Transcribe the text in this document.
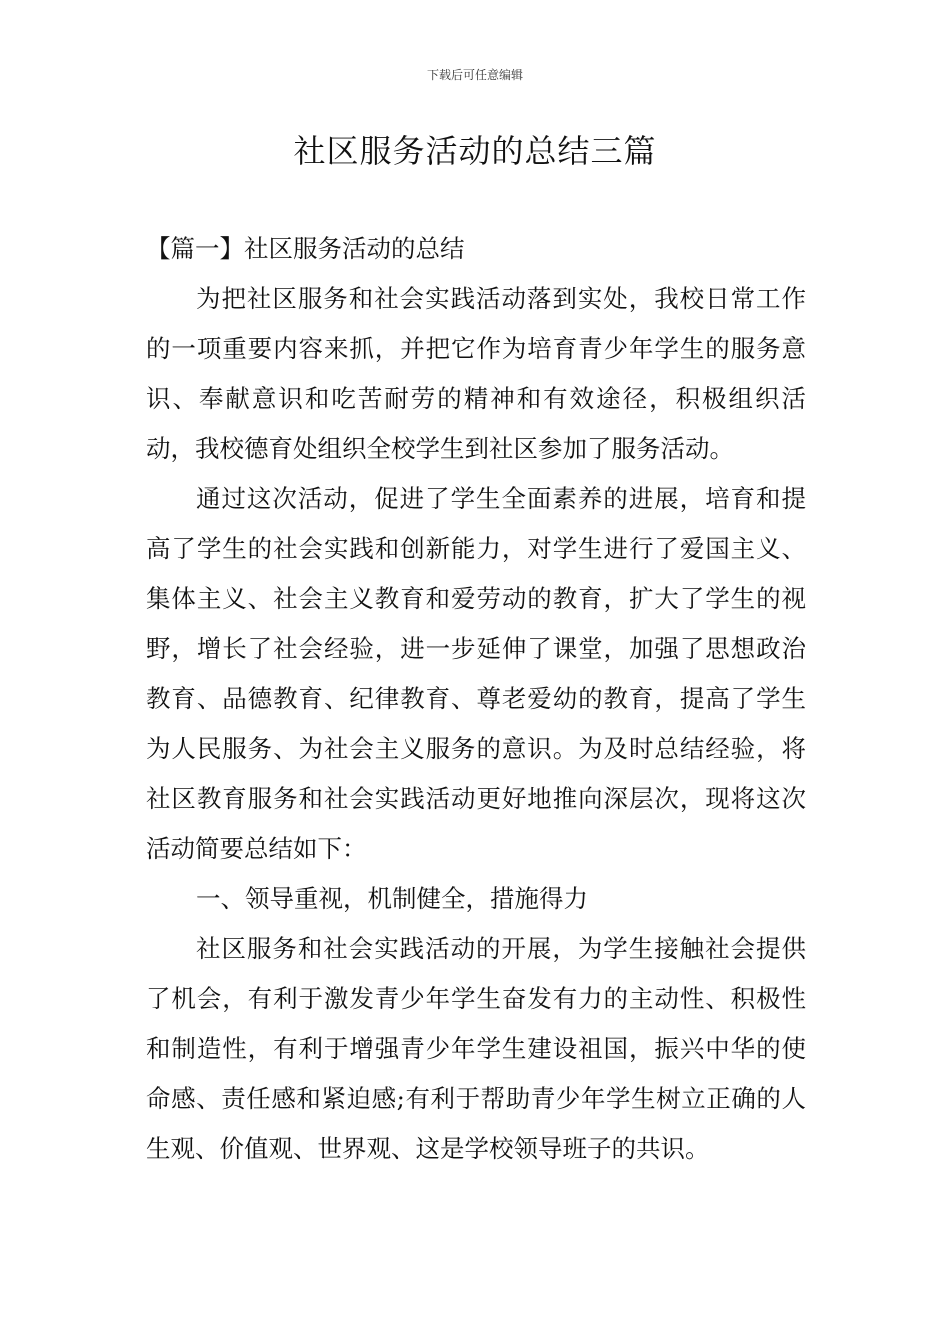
下载后可任意编辑
社区服务活动的总结三篇

【篇一】社区服务活动的总结

为把社区服务和社会实践活动落到实处，我校日常工作的一项重要内容来抓，并把它作为培育青少年学生的服务意识、奉献意识和吃苦耐劳的精神和有效途径，积极组织活动，我校德育处组织全校学生到社区参加了服务活动。

通过这次活动，促进了学生全面素养的进展，培育和提高了学生的社会实践和创新能力，对学生进行了爱国主义、集体主义、社会主义教育和爱劳动的教育，扩大了学生的视野，增长了社会经验，进一步延伸了课堂，加强了思想政治教育、品德教育、纪律教育、尊老爱幼的教育，提高了学生为人民服务、为社会主义服务的意识。为及时总结经验，将社区教育服务和社会实践活动更好地推向深层次，现将这次活动简要总结如下：

一、领导重视，机制健全，措施得力

社区服务和社会实践活动的开展，为学生接触社会提供了机会，有利于激发青少年学生奋发有力的主动性、积极性和制造性，有利于增强青少年学生建设祖国，振兴中华的使命感、责任感和紧迫感;有利于帮助青少年学生树立正确的人生观、价值观、世界观、这是学校领导班子的共识。
